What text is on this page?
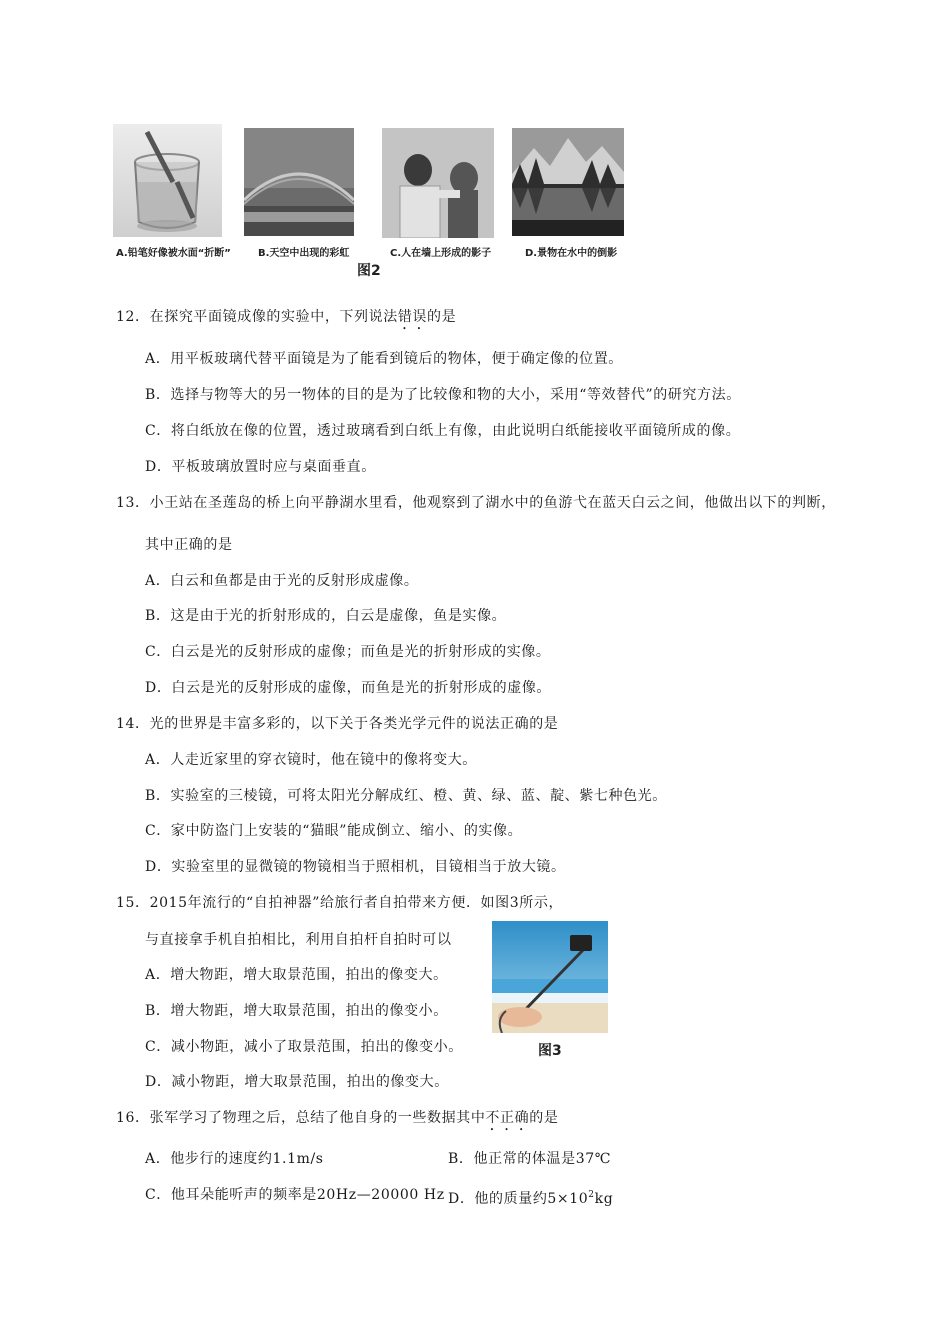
A.铅笔好像被水面“折断”	B.天空中出现的彩虹	C.人在墙上形成的影子	D.景物在水中的倒影
图2
12．在探究平面镜成像的实验中，下列说法错误的是
A．用平板玻璃代替平面镜是为了能看到镜后的物体，便于确定像的位置。
B．选择与物等大的另一物体的目的是为了比较像和物的大小，采用“等效替代”的研究方法。
C．将白纸放在像的位置，透过玻璃看到白纸上有像，由此说明白纸能接收平面镜所成的像。
D．平板玻璃放置时应与桌面垂直。
13．小王站在圣莲岛的桥上向平静湖水里看，他观察到了湖水中的鱼游弋在蓝天白云之间，他做出以下的判断，
其中正确的是
A．白云和鱼都是由于光的反射形成虚像。
B．这是由于光的折射形成的，白云是虚像，鱼是实像。
C．白云是光的反射形成的虚像；而鱼是光的折射形成的实像。
D．白云是光的反射形成的虚像，而鱼是光的折射形成的虚像。
14．光的世界是丰富多彩的，以下关于各类光学元件的说法正确的是
A．人走近家里的穿衣镜时，他在镜中的像将变大。
B．实验室的三棱镜，可将太阳光分解成红、橙、黄、绿、蓝、靛、紫七种色光。
C．家中防盗门上安装的“猫眼”能成倒立、缩小、的实像。
D．实验室里的显微镜的物镜相当于照相机，目镜相当于放大镜。
15．2015年流行的“自拍神器”给旅行者自拍带来方便．如图3所示，
与直接拿手机自拍相比，利用自拍杆自拍时可以
A．增大物距，增大取景范围，拍出的像变大。
B．增大物距，增大取景范围，拍出的像变小。
C．减小物距，减小了取景范围，拍出的像变小。
D．减小物距，增大取景范围，拍出的像变大。
图3
16．张军学习了物理之后，总结了他自身的一些数据其中不正确的是
A．他步行的速度约1.1m/s	B．他正常的体温是37℃
C．他耳朵能听声的频率是20Hz—20000 Hz D．他的质量约$5\times 10^2kg$
